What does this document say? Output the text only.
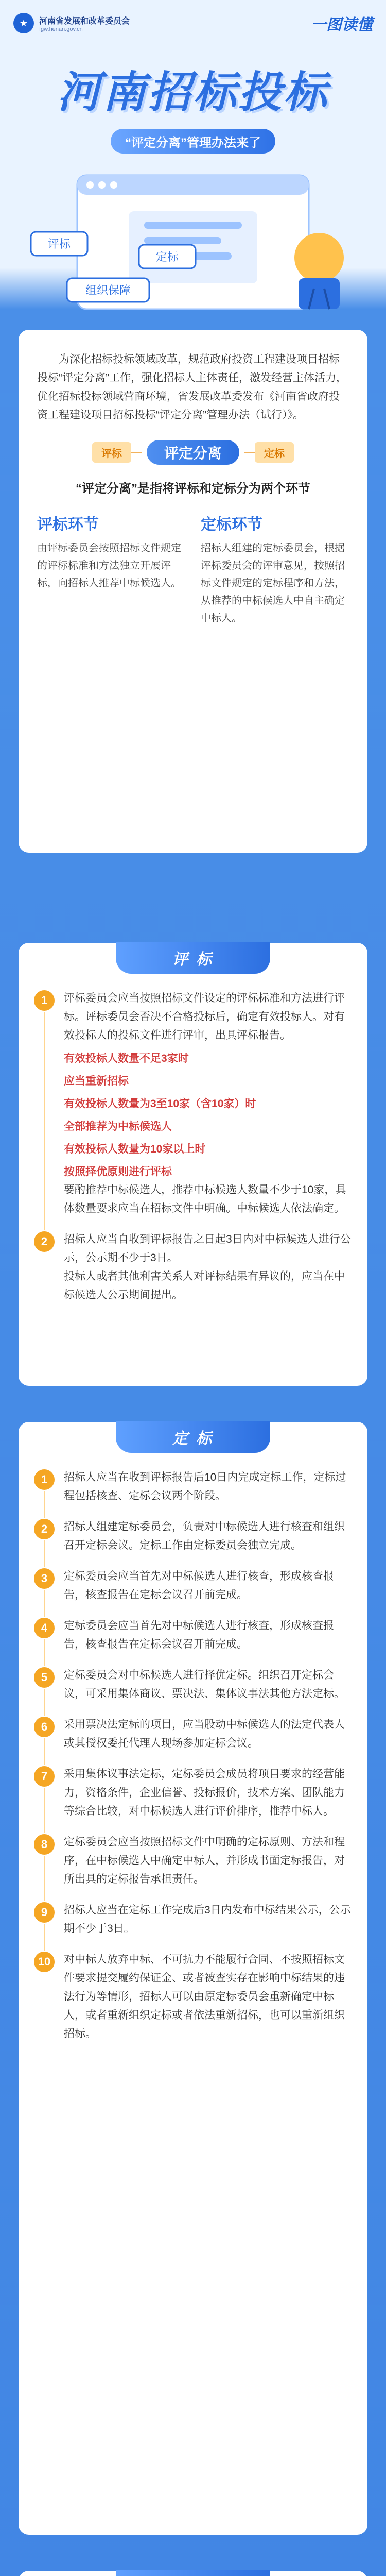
★	河南省发展和改革委员会
fgw.henan.gov.cn	一图读懂
河南招标投标
“评定分离”管理办法来了
评标
定标
组织保障

为深化招标投标领域改革，规范政府投资工程建设项目招标投标“评定分离”工作，强化招标人主体责任，激发经营主体活力，优化招标投标领域营商环境，省发展改革委发布《河南省政府投资工程建设项目招标投标“评定分离”管理办法（试行）》。

评标	评定分离	定标
“评定分离”是指将评标和定标分为两个环节
评标环节
由评标委员会按照招标文件规定的评标标准和方法独立开展评标，向招标人推荐中标候选人。
定标环节
招标人组建的定标委员会，根据评标委员会的评审意见，按照招标文件规定的定标程序和方法，从推荐的中标候选人中自主确定中标人。
评 标
1	评标委员会应当按照招标文件设定的评标标准和方法进行评标。评标委员会否决不合格投标后，确定有效投标人。对有效投标人的投标文件进行评审，出具评标报告。
有效投标人数量不足3家时
应当重新招标
有效投标人数量为3至10家（含10家）时
全部推荐为中标候选人
有效投标人数量为10家以上时
按照择优原则进行评标
要酌推荐中标候选人，推荐中标候选人数量不少于10家，具体数量要求应当在招标文件中明确。中标候选人依法确定。
2	招标人应当自收到评标报告之日起3日内对中标候选人进行公示，公示期不少于3日。
投标人或者其他利害关系人对评标结果有异议的，应当在中标候选人公示期间提出。
定 标
1	招标人应当在收到评标报告后10日内完成定标工作，定标过程包括核查、定标会议两个阶段。
2	招标人组建定标委员会，负责对中标候选人进行核查和组织召开定标会议。定标工作由定标委员会独立完成。
3	定标委员会应当首先对中标候选人进行核查，形成核查报告，核查报告在定标会议召开前完成。
4	定标委员会应当首先对中标候选人进行核查，形成核查报告，核查报告在定标会议召开前完成。
5	定标委员会对中标候选人进行择优定标。组织召开定标会议，可采用集体商议、票决法、集体议事法其他方法定标。
6	采用票决法定标的项目，应当股动中标候选人的法定代表人或其授权委托代理人现场参加定标会议。
7	采用集体议事法定标，定标委员会成员将项目要求的经营能力，资格条件，企业信誉、投标报价，技术方案、团队能力等综合比较，对中标候选人进行评价排序，推荐中标人。
8	定标委员会应当按照招标文件中明确的定标原则、方法和程序，在中标候选人中确定中标人，并形成书面定标报告，对所出具的定标报告承担责任。
9	招标人应当在定标工作完成后3日内发布中标结果公示，公示期不少于3日。
10	对中标人放弃中标、不可抗力不能履行合同、不按照招标文件要求提交履约保证金、或者被查实存在影响中标结果的违法行为等情形，招标人可以由原定标委员会重新确定中标人，或者重新组织定标或者依法重新招标，也可以重新组织招标。
